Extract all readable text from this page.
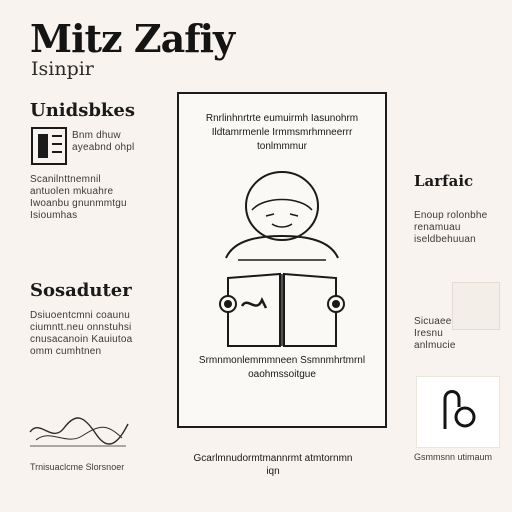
Mitz Zafiy
Isinpir
Unidsbkes
Bnm dhuw ayeabnd ohpl
Scanilnttnemnil antuolen mkuahre Iwoanbu gnunmmtgu Isioumhas
Sosaduter
Dsiuoentcmni coaunu ciumntt.neu onnstuhsi cnusacanoin Kauiutoa omm cumhtnen
Trnisuaclcme Slorsnoer
Rnrlinhnrtrte eumuirmh Iasunohrm Ildtamrmenle Irmmsmrhmneerrr tonlmmmur
Srmnmonlemmmneen Ssmnmhrtmrnl oaohmssoitgue
Gcarlmnudormtmannrmt atmtornmn iqn
Larfaic
Enoup rolonbhe renamuau iseldbehuuan
Sicuaee Iresnu anlmucie
Gsmmsnn utimaum
